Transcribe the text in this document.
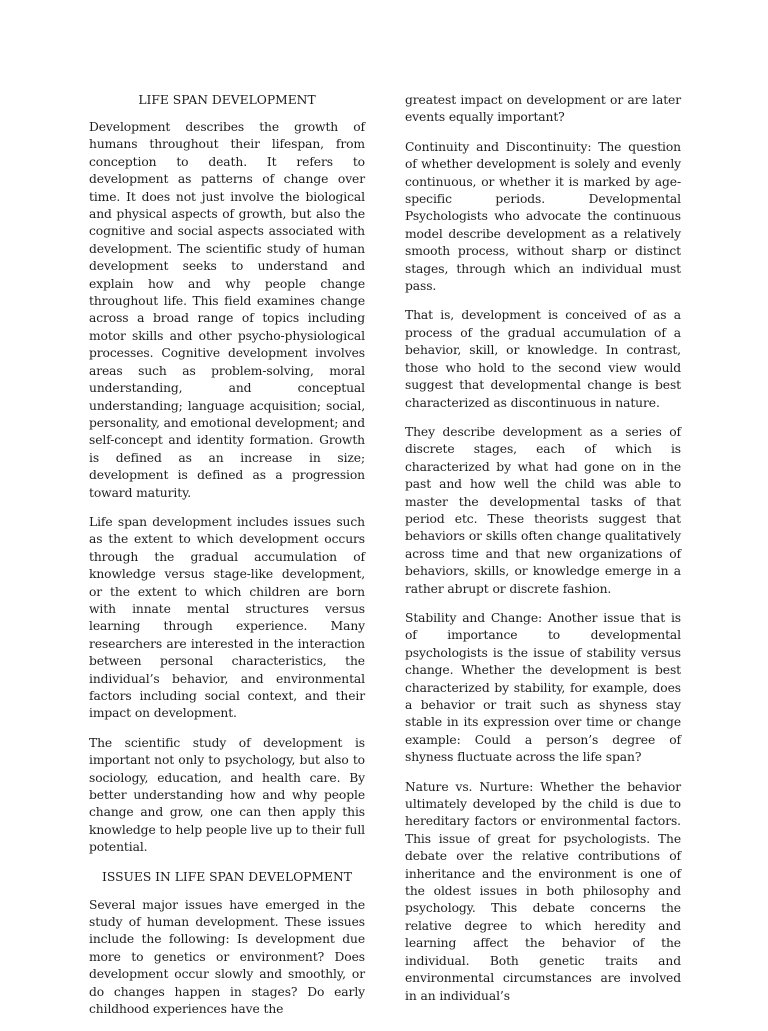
LIFE SPAN DEVELOPMENT

Development describes the growth of humans throughout their lifespan, from conception to death. It refers to development as patterns of change over time. It does not just involve the biological and physical aspects of growth, but also the cognitive and social aspects associated with development. The scientific study of human development seeks to understand and explain how and why people change throughout life. This field examines change across a broad range of topics including motor skills and other psycho-physiological processes. Cognitive development involves areas such as problem-solving, moral understanding, and conceptual understanding; language acquisition; social, personality, and emotional development; and self-concept and identity formation. Growth is defined as an increase in size; development is defined as a progression toward maturity.

Life span development includes issues such as the extent to which development occurs through the gradual accumulation of knowledge versus stage-like development, or the extent to which children are born with innate mental structures versus learning through experience. Many researchers are interested in the interaction between personal characteristics, the individual’s behavior, and environmental factors including social context, and their impact on development.

The scientific study of development is important not only to psychology, but also to sociology, education, and health care. By better understanding how and why people change and grow, one can then apply this knowledge to help people live up to their full potential.

ISSUES IN LIFE SPAN DEVELOPMENT

Several major issues have emerged in the study of human development. These issues include the following: Is development due more to genetics or environment? Does development occur slowly and smoothly, or do changes happen in stages? Do early childhood experiences have the

greatest impact on development or are later events equally important?

Continuity and Discontinuity: The question of whether development is solely and evenly continuous, or whether it is marked by age-specific periods. Developmental Psychologists who advocate the continuous model describe development as a relatively smooth process, without sharp or distinct stages, through which an individual must pass.

That is, development is conceived of as a process of the gradual accumulation of a behavior, skill, or knowledge. In contrast, those who hold to the second view would suggest that developmental change is best characterized as discontinuous in nature.

They describe development as a series of discrete stages, each of which is characterized by what had gone on in the past and how well the child was able to master the developmental tasks of that period etc. These theorists suggest that behaviors or skills often change qualitatively across time and that new organizations of behaviors, skills, or knowledge emerge in a rather abrupt or discrete fashion.

Stability and Change: Another issue that is of importance to developmental psychologists is the issue of stability versus change. Whether the development is best characterized by stability, for example, does a behavior or trait such as shyness stay stable in its expression over time or change example: Could a person’s degree of shyness fluctuate across the life span?

Nature vs. Nurture: Whether the behavior ultimately developed by the child is due to hereditary factors or environmental factors. This issue of great for psychologists. The debate over the relative contributions of inheritance and the environment is one of the oldest issues in both philosophy and psychology. This debate concerns the relative degree to which heredity and learning affect the behavior of the individual. Both genetic traits and environmental circumstances are involved in an individual’s
